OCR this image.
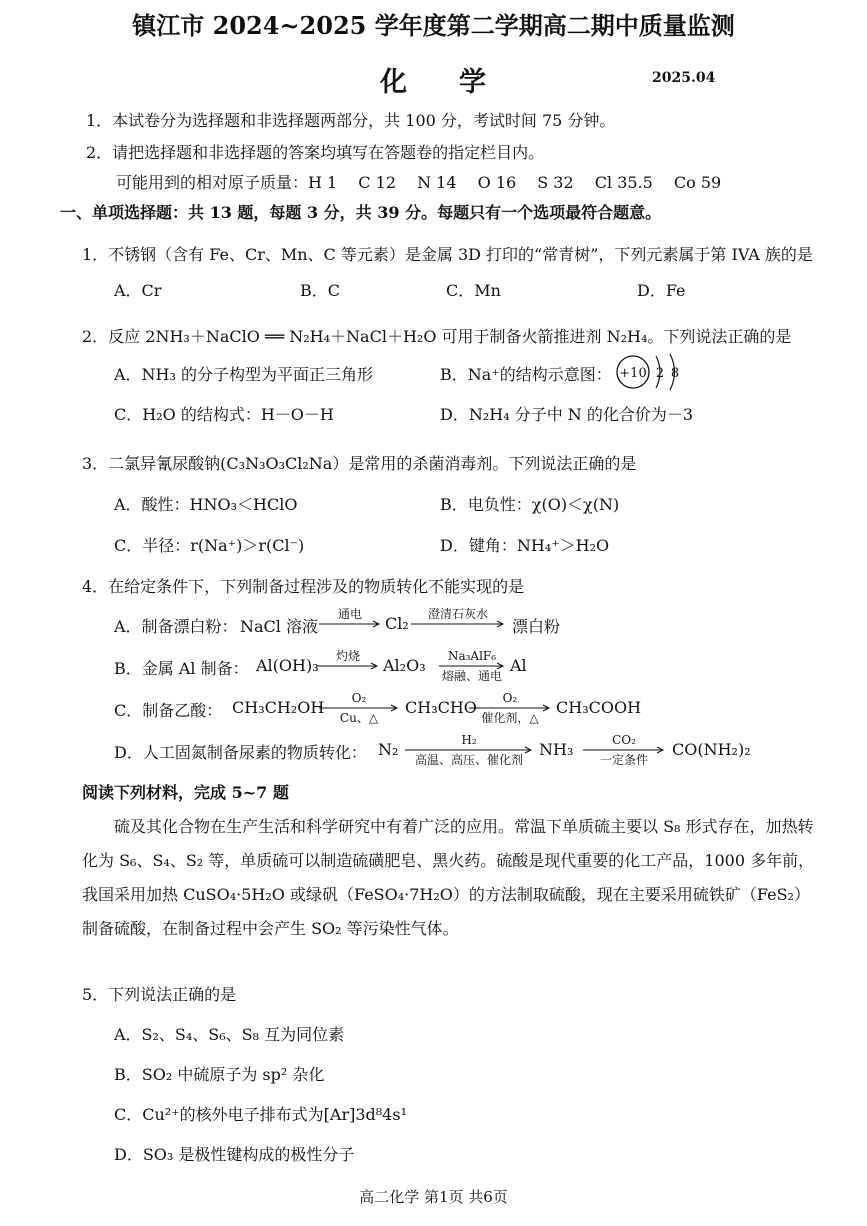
镇江市 2024~2025 学年度第二学期高二期中质量监测
化学	2025.04
1．本试卷分为选择题和非选择题两部分，共 100 分，考试时间 75 分钟。
2．请把选择题和非选择题的答案均填写在答题卷的指定栏目内。
可能用到的相对原子质量：H 1　 C 12　 N 14　 O 16　 S 32　 Cl 35.5　 Co 59
一、单项选择题：共 13 题，每题 3 分，共 39 分。每题只有一个选项最符合题意。
1．不锈钢（含有 Fe、Cr、Mn、C 等元素）是金属 3D 打印的“常青树”，下列元素属于第 IVA 族的是
A．Cr	B．C	C．Mn	D．Fe
2．反应 2NH₃＋NaClO ══ N₂H₄＋NaCl＋H₂O 可用于制备火箭推进剂 N₂H₄。下列说法正确的是
A．NH₃ 的分子构型为平面正三角形	B．Na⁺的结构示意图： +10 2 8
C．H₂O 的结构式：H－O－H	D．N₂H₄ 分子中 N 的化合价为－3
3．二氯异氰尿酸钠(C₃N₃O₃Cl₂Na）是常用的杀菌消毒剂。下列说法正确的是
A．酸性：HNO₃＜HClO	B．电负性：χ(O)＜χ(N)
C．半径：r(Na⁺)＞r(Cl⁻)	D．键角：NH₄⁺＞H₂O
4．在给定条件下，下列制备过程涉及的物质转化不能实现的是
A．制备漂白粉： NaCl 溶液
通电 Cl₂ 澄清石灰水
漂白粉
B．金属 Al 制备： Al(OH)₃ 灼烧 Al₂O₃ Na₃AlF₆
熔融、通电
Al
C．制备乙酸： CH₃CH₂OH O₂
Cu、△
CH₃CHO O₂
催化剂，△
CH₃COOH
D．人工固氮制备尿素的物质转化： N₂	H₂
高温、高压、催化剂
NH₃	CO₂
一定条件
CO(NH₂)₂
阅读下列材料，完成 5~7 题
硫及其化合物在生产生活和科学研究中有着广泛的应用。常温下单质硫主要以 S₈ 形式存在，加热转化为 S₆、S₄、S₂ 等，单质硫可以制造硫磺肥皂、黑火药。硫酸是现代重要的化工产品，1000 多年前，我国采用加热 CuSO₄·5H₂O 或绿矾（FeSO₄·7H₂O）的方法制取硫酸，现在主要采用硫铁矿（FeS₂）制备硫酸，在制备过程中会产生 SO₂ 等污染性气体。
5．下列说法正确的是
A．S₂、S₄、S₆、S₈ 互为同位素
B．SO₂ 中硫原子为 sp² 杂化
C．Cu²⁺的核外电子排布式为[Ar]3d⁸4s¹
D．SO₃ 是极性键构成的极性分子
高二化学 第1页 共6页
